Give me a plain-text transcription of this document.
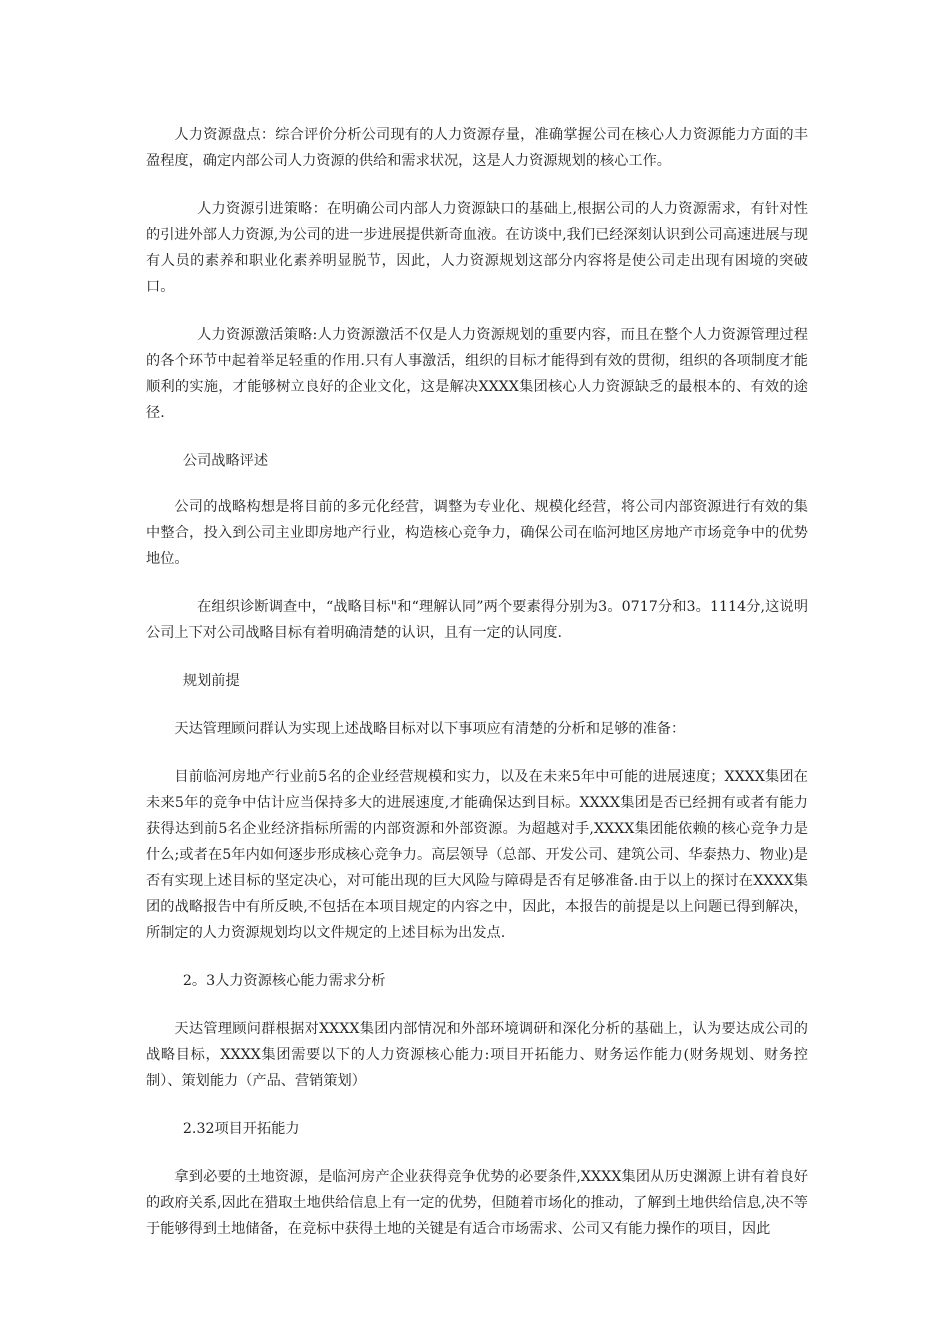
人力资源盘点：综合评价分析公司现有的人力资源存量，准确掌握公司在核心人力资源能力方面的丰盈程度，确定内部公司人力资源的供给和需求状况，这是人力资源规划的核心工作。

人力资源引进策略：在明确公司内部人力资源缺口的基础上,根据公司的人力资源需求，有针对性的引进外部人力资源,为公司的进一步进展提供新奇血液。在访谈中,我们已经深刻认识到公司高速进展与现有人员的素养和职业化素养明显脱节，因此，人力资源规划这部分内容将是使公司走出现有困境的突破口。

人力资源激活策略:人力资源激活不仅是人力资源规划的重要内容，而且在整个人力资源管理过程的各个环节中起着举足轻重的作用.只有人事激活，组织的目标才能得到有效的贯彻，组织的各项制度才能顺利的实施，才能够树立良好的企业文化，这是解决XXXX集团核心人力资源缺乏的最根本的、有效的途径.

公司战略评述

公司的战略构想是将目前的多元化经营，调整为专业化、规模化经营，将公司内部资源进行有效的集中整合，投入到公司主业即房地产行业，构造核心竞争力，确保公司在临河地区房地产市场竞争中的优势地位。

在组织诊断调查中，“战略目标"和“理解认同”两个要素得分别为3。0717分和3。1114分,这说明公司上下对公司战略目标有着明确清楚的认识，且有一定的认同度.

规划前提

天达管理顾问群认为实现上述战略目标对以下事项应有清楚的分析和足够的准备：

目前临河房地产行业前5名的企业经营规模和实力，以及在未来5年中可能的进展速度；XXXX集团在未来5年的竞争中估计应当保持多大的进展速度,才能确保达到目标。XXXX集团是否已经拥有或者有能力获得达到前5名企业经济指标所需的内部资源和外部资源。为超越对手,XXXX集团能依赖的核心竞争力是什么;或者在5年内如何逐步形成核心竞争力。高层领导（总部、开发公司、建筑公司、华泰热力、物业)是否有实现上述目标的坚定决心，对可能出现的巨大风险与障碍是否有足够准备.由于以上的探讨在XXXX集团的战略报告中有所反映,不包括在本项目规定的内容之中，因此，本报告的前提是以上问题已得到解决，所制定的人力资源规划均以文件规定的上述目标为出发点.

2。3人力资源核心能力需求分析

天达管理顾问群根据对XXXX集团内部情况和外部环境调研和深化分析的基础上，认为要达成公司的战略目标，XXXX集团需要以下的人力资源核心能力:项目开拓能力、财务运作能力(财务规划、财务控制）、策划能力（产品、营销策划）

2.32项目开拓能力

拿到必要的土地资源，是临河房产企业获得竞争优势的必要条件,XXXX集团从历史渊源上讲有着良好的政府关系,因此在猎取土地供给信息上有一定的优势，但随着市场化的推动，了解到土地供给信息,决不等于能够得到土地储备，在竞标中获得土地的关键是有适合市场需求、公司又有能力操作的项目，因此
